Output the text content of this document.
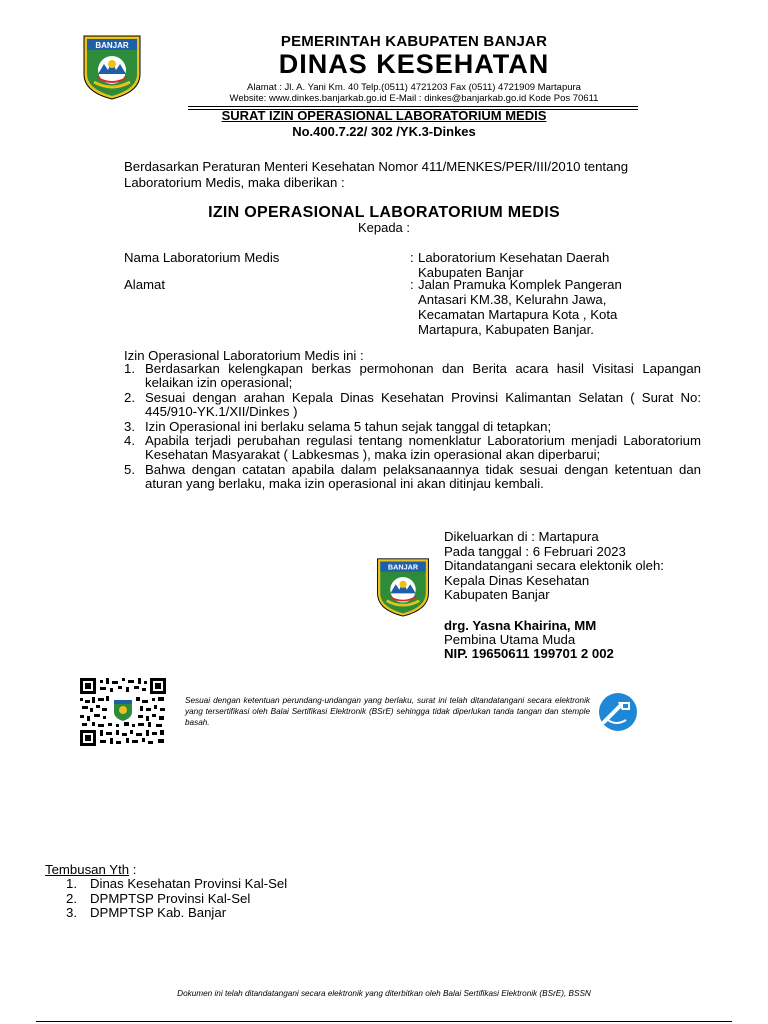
BANJAR	PEMERINTAH KABUPATEN BANJAR
DINAS KESEHATAN
Alamat : Jl. A. Yani Km. 40 Telp.(0511) 4721203 Fax (0511) 4721909 Martapura
Website: www.dinkes.banjarkab.go.id E-Mail : dinkes@banjarkab.go.id Kode Pos 70611
SURAT IZIN OPERASIONAL LABORATORIUM MEDIS
No.400.7.22/ 302 /YK.3-Dinkes
Berdasarkan Peraturan Menteri Kesehatan Nomor 411/MENKES/PER/III/2010 tentang Laboratorium Medis, maka diberikan :
IZIN OPERASIONAL LABORATORIUM MEDIS
Kepada :
Nama Laboratorium Medis	: Laboratorium Kesehatan Daerah
Kabupaten Banjar
Alamat	: Jalan Pramuka Komplek Pangeran
Antasari KM.38, Kelurahn Jawa,
Kecamatan Martapura Kota , Kota
Martapura, Kabupaten Banjar.
Izin Operasional Laboratorium Medis ini :
1. Berdasarkan kelengkapan berkas permohonan dan Berita acara hasil Visitasi Lapangan kelaikan izin operasional;
2. Sesuai dengan arahan Kepala Dinas Kesehatan Provinsi Kalimantan Selatan ( Surat No: 445/910-YK.1/XII/Dinkes )
3. Izin Operasional ini berlaku selama 5 tahun sejak tanggal di tetapkan;
4. Apabila terjadi perubahan regulasi tentang nomenklatur Laboratorium menjadi Laboratorium Kesehatan Masyarakat ( Labkesmas ), maka izin operasional akan diperbarui;
5. Bahwa dengan catatan apabila dalam pelaksanaannya tidak sesuai dengan ketentuan dan aturan yang berlaku, maka izin operasional ini akan ditinjau kembali.
Dikeluarkan di : Martapura
Pada tanggal : 6 Februari 2023
Ditandatangani secara elektonik oleh:
Kepala Dinas Kesehatan
Kabupaten Banjar
drg. Yasna Khairina, MM
Pembina Utama Muda
NIP. 19650611 199701 2 002
BANJAR
Sesuai dengan ketentuan perundang-undangan yang berlaku, surat ini telah ditandatangani secara elektronik yang tersertifikasi oleh Balai Sertifikasi Elektronik (BSrE) sehingga tidak diperlukan tanda tangan dan stemple basah.
Tembusan Yth :
1. Dinas Kesehatan Provinsi Kal-Sel
2. DPMPTSP Provinsi Kal-Sel
3. DPMPTSP Kab. Banjar
Dokumen ini telah ditandatangani secara elektronik yang diterbitkan oleh Balai Sertifikasi Elektronik (BSrE), BSSN
